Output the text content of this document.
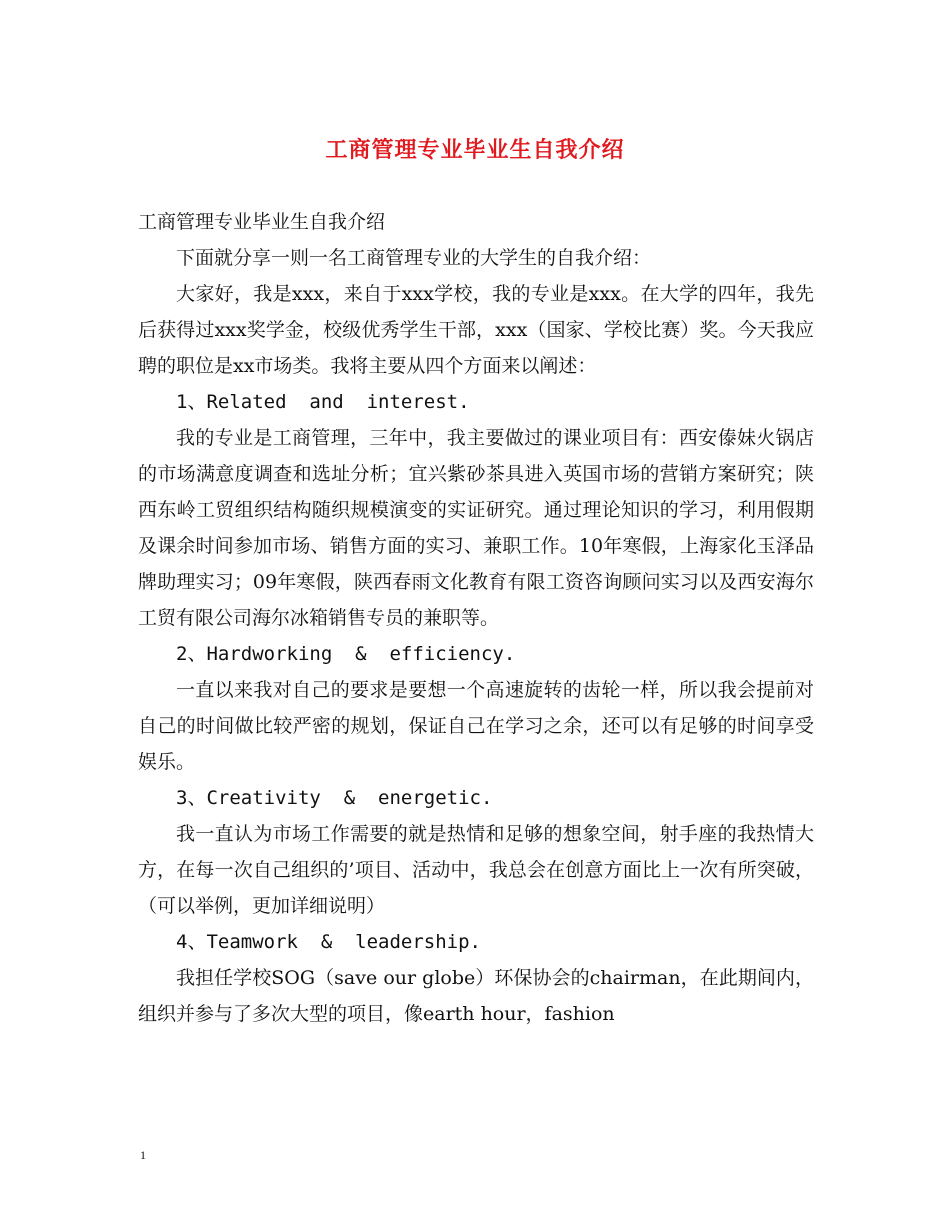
工商管理专业毕业生自我介绍

工商管理专业毕业生自我介绍

下面就分享一则一名工商管理专业的大学生的自我介绍：

大家好，我是xxx，来自于xxx学校，我的专业是xxx。在大学的四年，我先后获得过xxx奖学金，校级优秀学生干部，xxx（国家、学校比赛）奖。今天我应聘的职位是xx市场类。我将主要从四个方面来以阐述：

1、Related  and  interest.

我的专业是工商管理，三年中，我主要做过的课业项目有：西安傣妹火锅店的市场满意度调查和选址分析；宜兴紫砂茶具进入英国市场的营销方案研究；陕西东岭工贸组织结构随织规模演变的实证研究。通过理论知识的学习，利用假期及课余时间参加市场、销售方面的实习、兼职工作。10年寒假，上海家化玉泽品牌助理实习；09年寒假，陕西春雨文化教育有限工资咨询顾问实习以及西安海尔工贸有限公司海尔冰箱销售专员的兼职等。

2、Hardworking  &  efficiency.

一直以来我对自己的要求是要想一个高速旋转的齿轮一样，所以我会提前对自己的时间做比较严密的规划，保证自己在学习之余，还可以有足够的时间享受娱乐。

3、Creativity  &  energetic.

我一直认为市场工作需要的就是热情和足够的想象空间，射手座的我热情大方，在每一次自己组织的’项目、活动中，我总会在创意方面比上一次有所突破，（可以举例，更加详细说明）

4、Teamwork  &  leadership.

我担任学校SOG（save our globe）环保协会的chairman，在此期间内，组织并参与了多次大型的项目，像earth hour，fashion

1
